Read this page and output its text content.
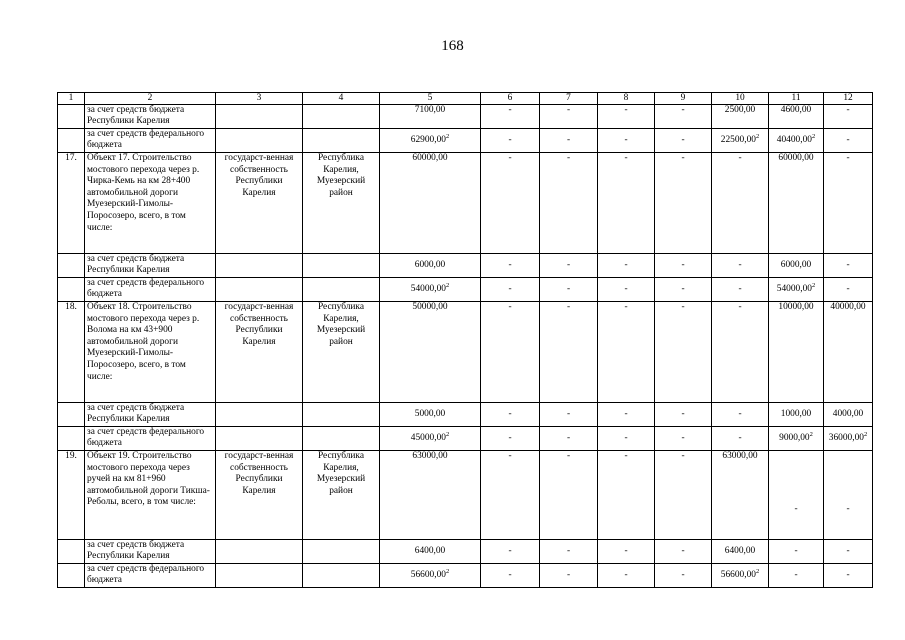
168
1	2	3	4	5	6	7	8	9	10	11	12
	за счет средств бюджета Республики Карелия			7100,00	-	-	-	-	2500,00	4600,00	-
	за счет средств федерального бюджета			62900,00$^2$	-	-	-	-	22500,00$^2$	40400,00$^2$	-
17.	Объект 17. Строительство мостового перехода через р. Чирка-Кемь на км 28+400 автомобильной дороги Муезерский-Гимолы-Поросозеро, всего, в том числе:	государст-венная собственность Республики Карелия	Республика Карелия, Муезерский район	60000,00	-	-	-	-	-	60000,00	-
	за счет средств бюджета Республики Карелия			6000,00	-	-	-	-	-	6000,00	-
	за счет средств федерального бюджета			54000,00$^2$	-	-	-	-	-	54000,00$^2$	-
18.	Объект 18. Строительство мостового перехода через р. Волома на км 43+900 автомобильной дороги Муезерский-Гимолы-Поросозеро, всего, в том числе:	государст-венная собственность Республики Карелия	Республика Карелия, Муезерский район	50000,00	-	-	-	-	-	10000,00	40000,00
	за счет средств бюджета Республики Карелия			5000,00	-	-	-	-	-	1000,00	4000,00
	за счет средств федерального бюджета			45000,00$^2$	-	-	-	-	-	9000,00$^2$	36000,00$^2$
19.	Объект 19. Строительство мостового перехода через ручей на км 81+960 автомобильной дороги Тикша-Реболы, всего, в том числе:	государст-венная собственность Республики Карелия	Республика Карелия, Муезерский район	63000,00	-	-	-	-	63000,00	-	-
	за счет средств бюджета Республики Карелия			6400,00	-	-	-	-	6400,00	-	-
	за счет средств федерального бюджета			56600,00$^2$	-	-	-	-	56600,00$^2$	-	-
